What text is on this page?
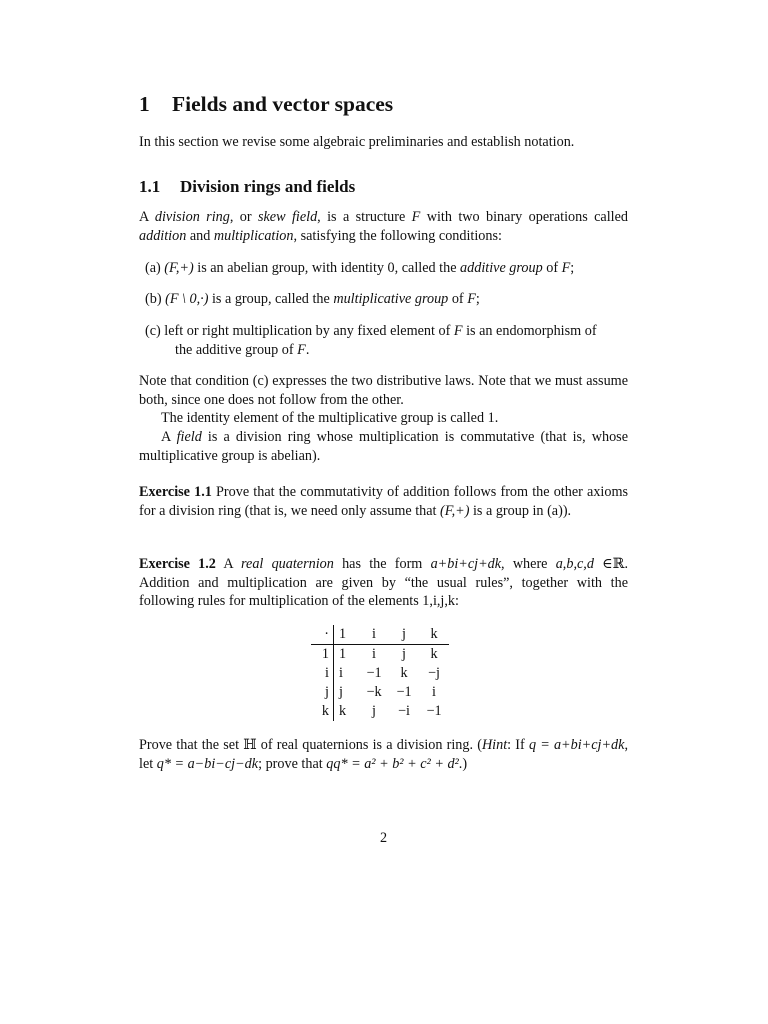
1 Fields and vector spaces
In this section we revise some algebraic preliminaries and establish notation.
1.1 Division rings and fields
A division ring, or skew field, is a structure F with two binary operations called addition and multiplication, satisfying the following conditions:
(a) (F,+) is an abelian group, with identity 0, called the additive group of F;
(b) (F \ 0,·) is a group, called the multiplicative group of F;
(c) left or right multiplication by any fixed element of F is an endomorphism of
the additive group of F.
Note that condition (c) expresses the two distributive laws. Note that we must assume both, since one does not follow from the other.
The identity element of the multiplicative group is called 1.
A field is a division ring whose multiplication is commutative (that is, whose multiplicative group is abelian).
Exercise 1.1 Prove that the commutativity of addition follows from the other axioms for a division ring (that is, we need only assume that (F,+) is a group in (a)).
Exercise 1.2 A real quaternion has the form a+bi+cj+dk, where a,b,c,d ∈ℝ. Addition and multiplication are given by “the usual rules”, together with the following rules for multiplication of the elements 1,i,j,k:
·	1	i	j	k
1	1	i	j	k
i	i	−1	k	−j
j	j	−k	−1	i
k	k	j	−i	−1
Prove that the set ℍ of real quaternions is a division ring. (Hint: If q = a+bi+cj+dk, let q* = a−bi−cj−dk; prove that qq* = a² + b² + c² + d².)
2
